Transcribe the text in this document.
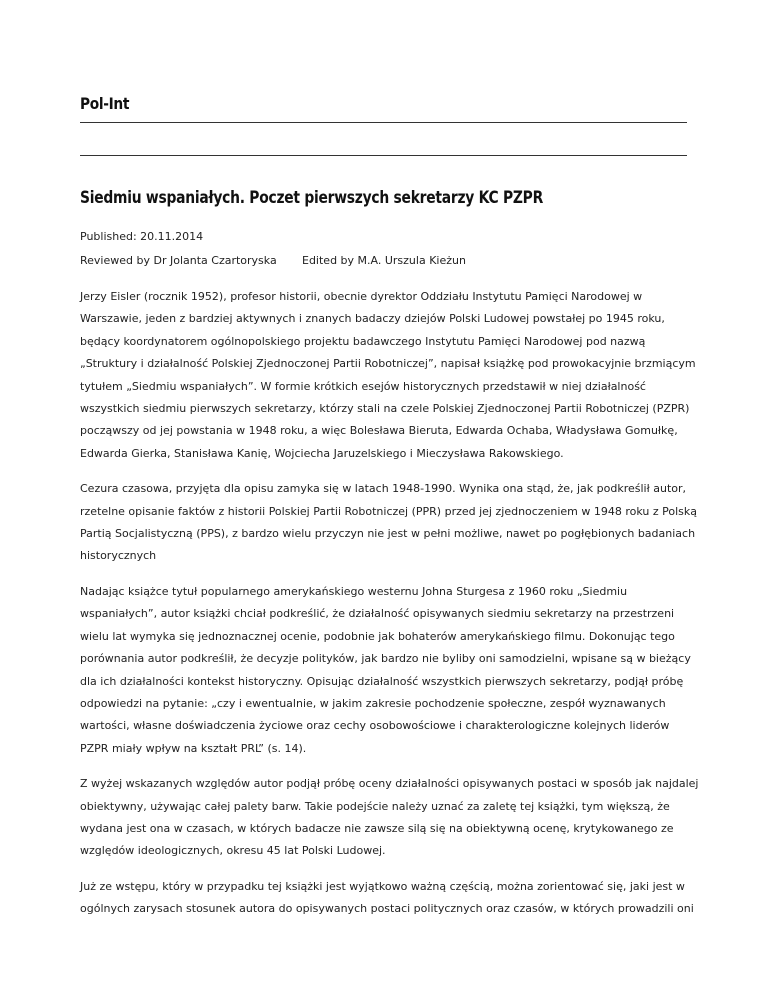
Pol-Int
Siedmiu wspaniałych. Poczet pierwszych sekretarzy KC PZPR
Published: 20.11.2014
Reviewed by Dr Jolanta Czartoryska Edited by M.A. Urszula Kieżun

Jerzy Eisler (rocznik 1952), profesor historii, obecnie dyrektor Oddziału Instytutu Pamięci Narodowej w Warszawie, jeden z bardziej aktywnych i znanych badaczy dziejów Polski Ludowej powstałej po 1945 roku, będący koordynatorem ogólnopolskiego projektu badawczego Instytutu Pamięci Narodowej pod nazwą „Struktury i działalność Polskiej Zjednoczonej Partii Robotniczej”, napisał książkę pod prowokacyjnie brzmiącym tytułem „Siedmiu wspaniałych”. W formie krótkich esejów historycznych przedstawił w niej działalność wszystkich siedmiu pierwszych sekretarzy, którzy stali na czele Polskiej Zjednoczonej Partii Robotniczej (PZPR) począwszy od jej powstania w 1948 roku, a więc Bolesława Bieruta, Edwarda Ochaba, Władysława Gomułkę, Edwarda Gierka, Stanisława Kanię, Wojciecha Jaruzelskiego i Mieczysława Rakowskiego.

Cezura czasowa, przyjęta dla opisu zamyka się w latach 1948-1990. Wynika ona stąd, że, jak podkreślił autor, rzetelne opisanie faktów z historii Polskiej Partii Robotniczej (PPR) przed jej zjednoczeniem w 1948 roku z Polską Partią Socjalistyczną (PPS), z bardzo wielu przyczyn nie jest w pełni możliwe, nawet po pogłębionych badaniach historycznych

Nadając książce tytuł popularnego amerykańskiego westernu Johna Sturgesa z 1960 roku „Siedmiu wspaniałych”, autor książki chciał podkreślić, że działalność opisywanych siedmiu sekretarzy na przestrzeni wielu lat wymyka się jednoznacznej ocenie, podobnie jak bohaterów amerykańskiego filmu. Dokonując tego porównania autor podkreślił, że decyzje polityków, jak bardzo nie byliby oni samodzielni, wpisane są w bieżący dla ich działalności kontekst historyczny. Opisując działalność wszystkich pierwszych sekretarzy, podjął próbę odpowiedzi na pytanie: „czy i ewentualnie, w jakim zakresie pochodzenie społeczne, zespół wyznawanych wartości, własne doświadczenia życiowe oraz cechy osobowościowe i charakterologiczne kolejnych liderów PZPR miały wpływ na kształt PRL” (s. 14).

Z wyżej wskazanych względów autor podjął próbę oceny działalności opisywanych postaci w sposób jak najdalej obiektywny, używając całej palety barw. Takie podejście należy uznać za zaletę tej książki, tym większą, że wydana jest ona w czasach, w których badacze nie zawsze silą się na obiektywną ocenę, krytykowanego ze względów ideologicznych, okresu 45 lat Polski Ludowej.

Już ze wstępu, który w przypadku tej książki jest wyjątkowo ważną częścią, można zorientować się, jaki jest w ogólnych zarysach stosunek autora do opisywanych postaci politycznych oraz czasów, w których prowadzili oni
